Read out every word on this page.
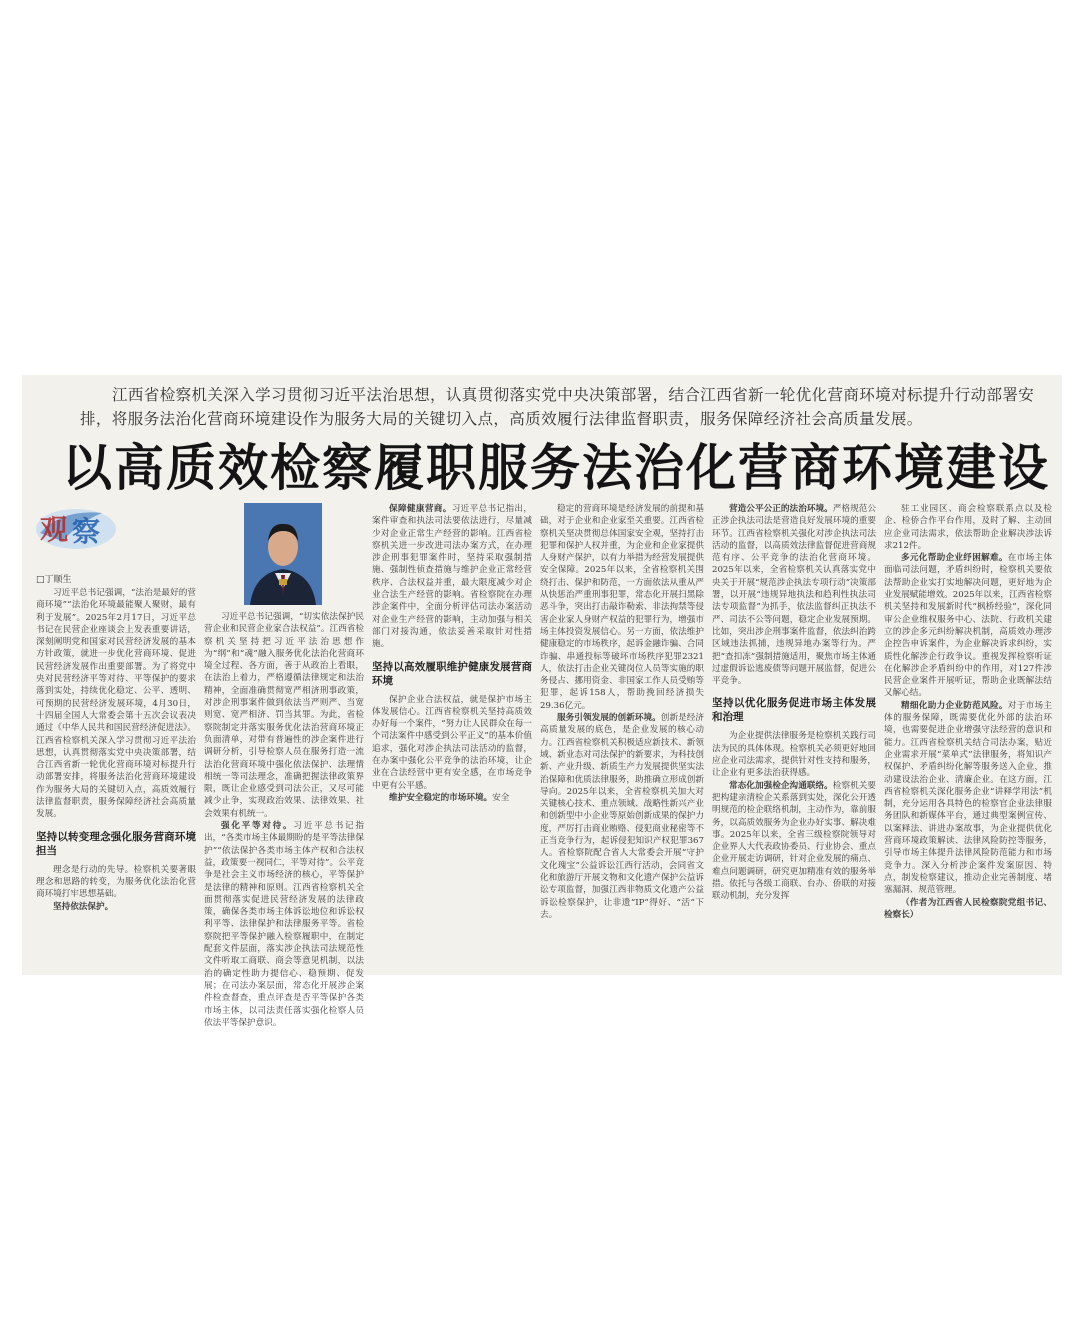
江西省检察机关深入学习贯彻习近平法治思想，认真贯彻落实党中央决策部署，结合江西省新一轮优化营商环境对标提升行动部署安排，将服务法治化营商环境建设作为服务大局的关键切入点，高质效履行法律监督职责，服务保障经济社会高质量发展。
以高质效检察履职服务法治化营商环境建设
观 察
□丁顺生

习近平总书记强调，“法治是最好的营商环境”“法治化环境最能聚人聚财，最有利于发展”。2025年2月17日，习近平总书记在民营企业座谈会上发表重要讲话，深刻阐明党和国家对民营经济发展的基本方针政策，就进一步优化营商环境、促进民营经济发展作出重要部署。为了将党中央对民营经济平等对待、平等保护的要求落到实处，持续优化稳定、公平、透明、可预期的民营经济发展环境，4月30日，十四届全国人大常委会第十五次会议表决通过《中华人民共和国民营经济促进法》。江西省检察机关深入学习贯彻习近平法治思想，认真贯彻落实党中央决策部署，结合江西省新一轮优化营商环境对标提升行动部署安排，将服务法治化营商环境建设作为服务大局的关键切入点，高质效履行法律监督职责，服务保障经济社会高质量发展。

坚持以转变理念强化服务营商环境担当

理念是行动的先导。检察机关要著眼理念和思路的转变，为服务优化法治化营商环境打牢思想基础。

坚持依法保护。

习近平总书记强调，“切实依法保护民营企业和民营企业家合法权益”。江西省检察机关坚持把习近平法治思想作为“纲”和“魂”融入服务优化法治化营商环境全过程、各方面，善于从政治上看眼，在法治上着力，严格遵循法律规定和法治精神，全面准确贯彻宽严相济刑事政策，对涉企刑事案件做到依法当严则严、当宽则宽、宽严相济、罚当其罪。为此，省检察院制定并落实服务优化法治营商环境正负面清单，对带有普遍性的涉企案件进行调研分析，引导检察人员在服务打造一流法治化营商环境中强化依法保护、法理情相统一等司法理念，准确把握法律政策界限，既让企业感受到司法公正，又尽可能减少止争，实现政治效果、法律效果、社会效果有机统一。

强化平等对待。习近平总书记指出，“各类市场主体最期盼的是平等法律保护”“依法保护各类市场主体产权和合法权益，政策要一视同仁，平等对待”。公平竞争是社会主义市场经济的核心，平等保护是法律的精神和原则。江西省检察机关全面贯彻落实促进民营经济发展的法律政策，确保各类市场主体诉讼地位和诉讼权利平等、法律保护和法律服务平等。省检察院把平等保护融入检察履职中，在制定配套文件层面，落实涉企执法司法规范性文件听取工商联、商会等意见机制，以法治的确定性助力提信心、稳预期、促发展；在司法办案层面，常态化开展涉企案件检查督查，重点评查是否平等保护各类市场主体，以司法责任落实强化检察人员依法平等保护意识。

保障健康营商。习近平总书记指出，案件审查和执法司法要依法进行，尽量减少对企业正常生产经营的影响。江西省检察机关进一步改进司法办案方式，在办理涉企刑事犯罪案件时，坚持采取强制措施、强制性侦查措施与维护企业正常经营秩序、合法权益并重，最大限度减少对企业合法生产经营的影响。省检察院在办理涉企案件中，全面分析评估司法办案活动对企业生产经营的影响，主动加强与相关部门对接沟通，依法妥善采取针对性措施。

坚持以高效履职维护健康发展营商环境

保护企业合法权益，就是保护市场主体发展信心。江西省检察机关坚持高质效办好每一个案件，“努力让人民群众在每一个司法案件中感受到公平正义”的基本价值追求，强化对涉企执法司法活动的监督，在办案中强化公平竞争的法治环境，让企业在合法经营中更有安全感，在市场竞争中更有公平感。

维护安全稳定的市场环境。安全

稳定的营商环境是经济发展的前提和基础，对于企业和企业家至关重要。江西省检察机关坚决贯彻总体国家安全观，坚持打击犯罪和保护人权并重，为企业和企业家提供人身财产保护，以有力举措为经营发展提供安全保障。2025年以来，全省检察机关围绕打击、保护和防范，一方面依法从重从严从快惩治严重刑事犯罪，常态化开展扫黑除恶斗争，突出打击敲诈勒索、非法拘禁等侵害企业家人身财产权益的犯罪行为，增强市场主体投资发展信心。另一方面，依法维护健康稳定的市场秩序，起诉金融诈骗、合同诈骗、串通投标等破坏市场秩序犯罪2321人，依法打击企业关键岗位人员等实施的职务侵占、挪用资金、非国家工作人员受贿等犯罪，起诉158人，帮助挽回经济损失29.36亿元。

服务引领发展的创新环境。创新是经济高质量发展的底色，是企业发展的核心动力。江西省检察机关积极适应新技术、新领域、新业态对司法保护的新要求，为科技创新、产业升级、新质生产力发展提供坚实法治保障和优质法律服务，助推确立形成创新导向。2025年以来，全省检察机关加大对关键核心技术、重点领域、战略性新兴产业和创新型中小企业等原始创新成果的保护力度，严厉打击商业贿赂、侵犯商业秘密等不正当竞争行为，起诉侵犯知识产权犯罪367人。省检察院配合省人大常委会开展“守护文化瑰宝”公益诉讼江西行活动，会同省文化和旅游厅开展文物和文化遗产保护公益诉讼专项监督，加强江西非物质文化遗产公益诉讼检察保护，让非遗“IP”得好、“活”下去。

营造公平公正的法治环境。严格规范公正涉企执法司法是营造良好发展环境的重要环节。江西省检察机关强化对涉企执法司法活动的监督，以高质效法律监督促进营商规范有序、公平竞争的法治化营商环境。2025年以来，全省检察机关认真落实党中央关于开展“规范涉企执法专项行动”决策部署，以开展“违规异地执法和趋利性执法司法专项监督”为抓手，依法监督纠正执法不严、司法不公等问题，稳定企业发展预期。比如，突出涉企刑事案件监督，依法纠治跨区域违法抓捕，违规异地办案等行为。严把“查扣冻”强制措施适用，聚焦市场主体通过虚假诉讼逃废债等问题开展监督，促进公平竞争。

坚持以优化服务促进市场主体发展和治理

为企业提供法律服务是检察机关践行司法为民的具体体现。检察机关必须更好地回应企业司法需求，提供针对性支持和服务，让企业有更多法治获得感。

常态化加强检企沟通联络。检察机关要把构建亲清检企关系落到实处，深化公开透明规范的检企联络机制，主动作为，靠前服务，以高质效服务为企业办好实事、解决难事。2025年以来，全省三级检察院领导对企业界人大代表政协委员、行业协会、重点企业开展走访调研，针对企业发展的痛点、难点问题调研，研究更加精准有效的服务举措。依托与各级工商联、台办、侨联的对接联动机制，充分发挥

驻工业园区、商会检察联系点以及检企、检侨合作平台作用，及时了解、主动回应企业司法需求，依法帮助企业解决涉法诉求212件。

多元化帮助企业纾困解难。在市场主体面临司法问题，矛盾纠纷时，检察机关要依法帮助企业实打实地解决问题，更好地为企业发展赋能增效。2025年以来，江西省检察机关坚持和发展新时代“枫桥经验”，深化同审公企业维权服务中心、法院、行政机关建立的涉企多元纠纷解决机制，高质效办理涉企控告申诉案件，为企业解决诉求纠纷，实质性化解涉企行政争议。重视发挥检察听证在化解涉企矛盾纠纷中的作用，对127件涉民营企业案件开展听证，帮助企业既解法结又解心结。

精细化助力企业防范风险。对于市场主体的服务保障，既需要优化外部的法治环境，也需要促进企业增强守法经营的意识和能力。江西省检察机关结合司法办案，贴近企业需求开展“菜单式”法律服务，将知识产权保护、矛盾纠纷化解等服务送入企业，推动建设法治企业、清廉企业。在这方面，江西省检察机关深化服务企业“讲释学用法”机制，充分运用各具特色的检察官企业法律服务团队和新媒体平台，通过典型案例宣传、以案释法、讲进办案故事，为企业提供优化营商环境政策解读、法律风险防控等服务，引导市场主体提升法律风险防范能力和市场竞争力。深入分析涉企案件发案原因、特点，制发检察建议，推动企业完善制度、堵塞漏洞、规范管理。

（作者为江西省人民检察院党组书记、检察长）
